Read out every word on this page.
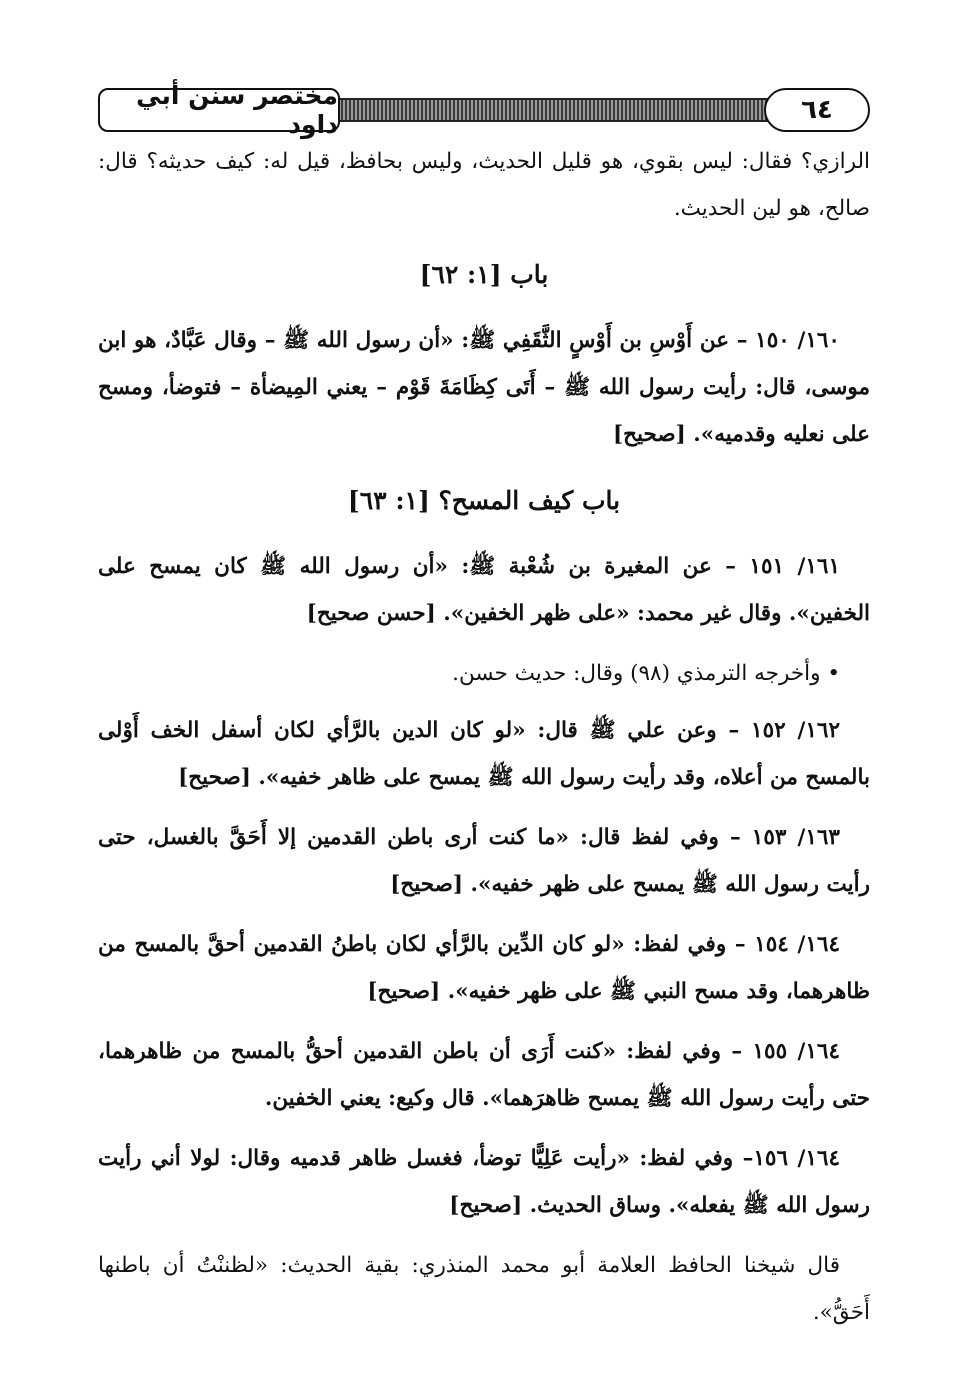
مختصر سنن أبي داود	٦٤

الرازي؟ فقال: ليس بقوي، هو قليل الحديث، وليس بحافظ، قيل له: كيف حديثه؟ قال: صالح، هو لين الحديث.

باب [١: ٦٢]

١٦٠/ ١٥٠ – عن أَوْسِ بن أَوْسٍ الثَّقَفِي ﷺ: «أن رسول الله ﷺ – وقال عَبَّادٌ، هو ابن موسى، قال: رأيت رسول الله ﷺ – أَتَى كِظَامَةَ قَوْم – يعني المِيضأة – فتوضأ، ومسح على نعليه وقدميه». [صحيح]

باب كيف المسح؟ [١: ٦٣]

١٦١/ ١٥١ – عن المغيرة بن شُعْبة ﷺ: «أن رسول الله ﷺ كان يمسح على الخفين». وقال غير محمد: «على ظهر الخفين». [حسن صحيح]

• وأخرجه الترمذي (٩٨) وقال: حديث حسن.

١٦٢/ ١٥٢ – وعن علي ﷺ قال: «لو كان الدين بالرَّأي لكان أسفل الخف أَوْلى بالمسح من أعلاه، وقد رأيت رسول الله ﷺ يمسح على ظاهر خفيه». [صحيح]

١٦٣/ ١٥٣ – وفي لفظ قال: «ما كنت أرى باطن القدمين إلا أَحَقَّ بالغسل، حتى رأيت رسول الله ﷺ يمسح على ظهر خفيه». [صحيح]

١٦٤/ ١٥٤ – وفي لفظ: «لو كان الدِّين بالرَّأي لكان باطنُ القدمين أحقَّ بالمسح من ظاهرهما، وقد مسح النبي ﷺ على ظهر خفيه». [صحيح]

١٦٤/ ١٥٥ – وفي لفظ: «كنت أَرَى أن باطن القدمين أحقُّ بالمسح من ظاهرهما، حتى رأيت رسول الله ﷺ يمسح ظاهرَهما». قال وكيع: يعني الخفين.

١٦٤/ ١٥٦– وفي لفظ: «رأيت عَلِيًّا توضأ، فغسل ظاهر قدميه وقال: لولا أني رأيت رسول الله ﷺ يفعله». وساق الحديث. [صحيح]

قال شيخنا الحافظ العلامة أبو محمد المنذري: بقية الحديث: «لظننْتُ أن باطنها أَحَقُّ».
